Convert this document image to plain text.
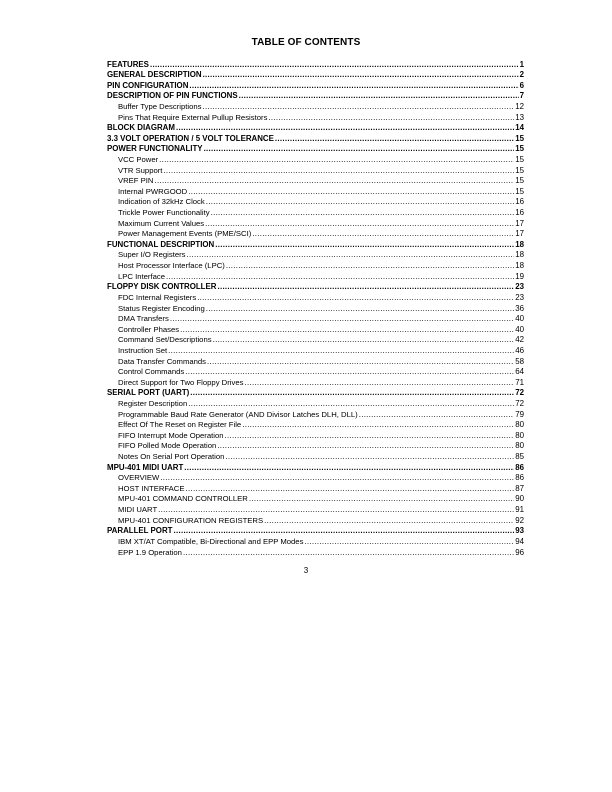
TABLE OF CONTENTS
FEATURES .....	1
GENERAL DESCRIPTION .....	2
PIN CONFIGURATION .....	6
DESCRIPTION OF PIN FUNCTIONS .....	7
Buffer Type Descriptions .....	12
Pins That Require External Pullup Resistors .....	13
BLOCK DIAGRAM .....	14
3.3 VOLT OPERATION / 5 VOLT TOLERANCE .....	15
POWER FUNCTIONALITY .....	15
VCC Power .....	15
VTR Support .....	15
VREF PIN .....	15
Internal PWRGOOD .....	15
Indication of 32kHz Clock .....	16
Trickle Power Functionality .....	16
Maximum Current Values .....	17
Power Management Events (PME/SCI) .....	17
FUNCTIONAL DESCRIPTION .....	18
Super I/O Registers .....	18
Host Processor Interface (LPC) .....	18
LPC Interface .....	19
FLOPPY DISK CONTROLLER .....	23
FDC Internal Registers .....	23
Status Register Encoding .....	36
DMA Transfers .....	40
Controller Phases .....	40
Command Set/Descriptions .....	42
Instruction Set .....	46
Data Transfer Commands .....	58
Control Commands .....	64
Direct Support for Two Floppy Drives .....	71
SERIAL PORT (UART) .....	72
Register Description .....	72
Programmable Baud Rate Generator (AND Divisor Latches DLH, DLL) .....	79
Effect Of The Reset on Register File .....	80
FIFO Interrupt Mode Operation .....	80
FIFO Polled Mode Operation .....	80
Notes On Serial Port Operation .....	85
MPU-401 MIDI UART .....	86
OVERVIEW .....	86
HOST INTERFACE .....	87
MPU-401 COMMAND CONTROLLER .....	90
MIDI UART .....	91
MPU-401 CONFIGURATION REGISTERS .....	92
PARALLEL PORT .....	93
IBM XT/AT Compatible, Bi-Directional and EPP Modes .....	94
EPP 1.9 Operation .....	96
3
